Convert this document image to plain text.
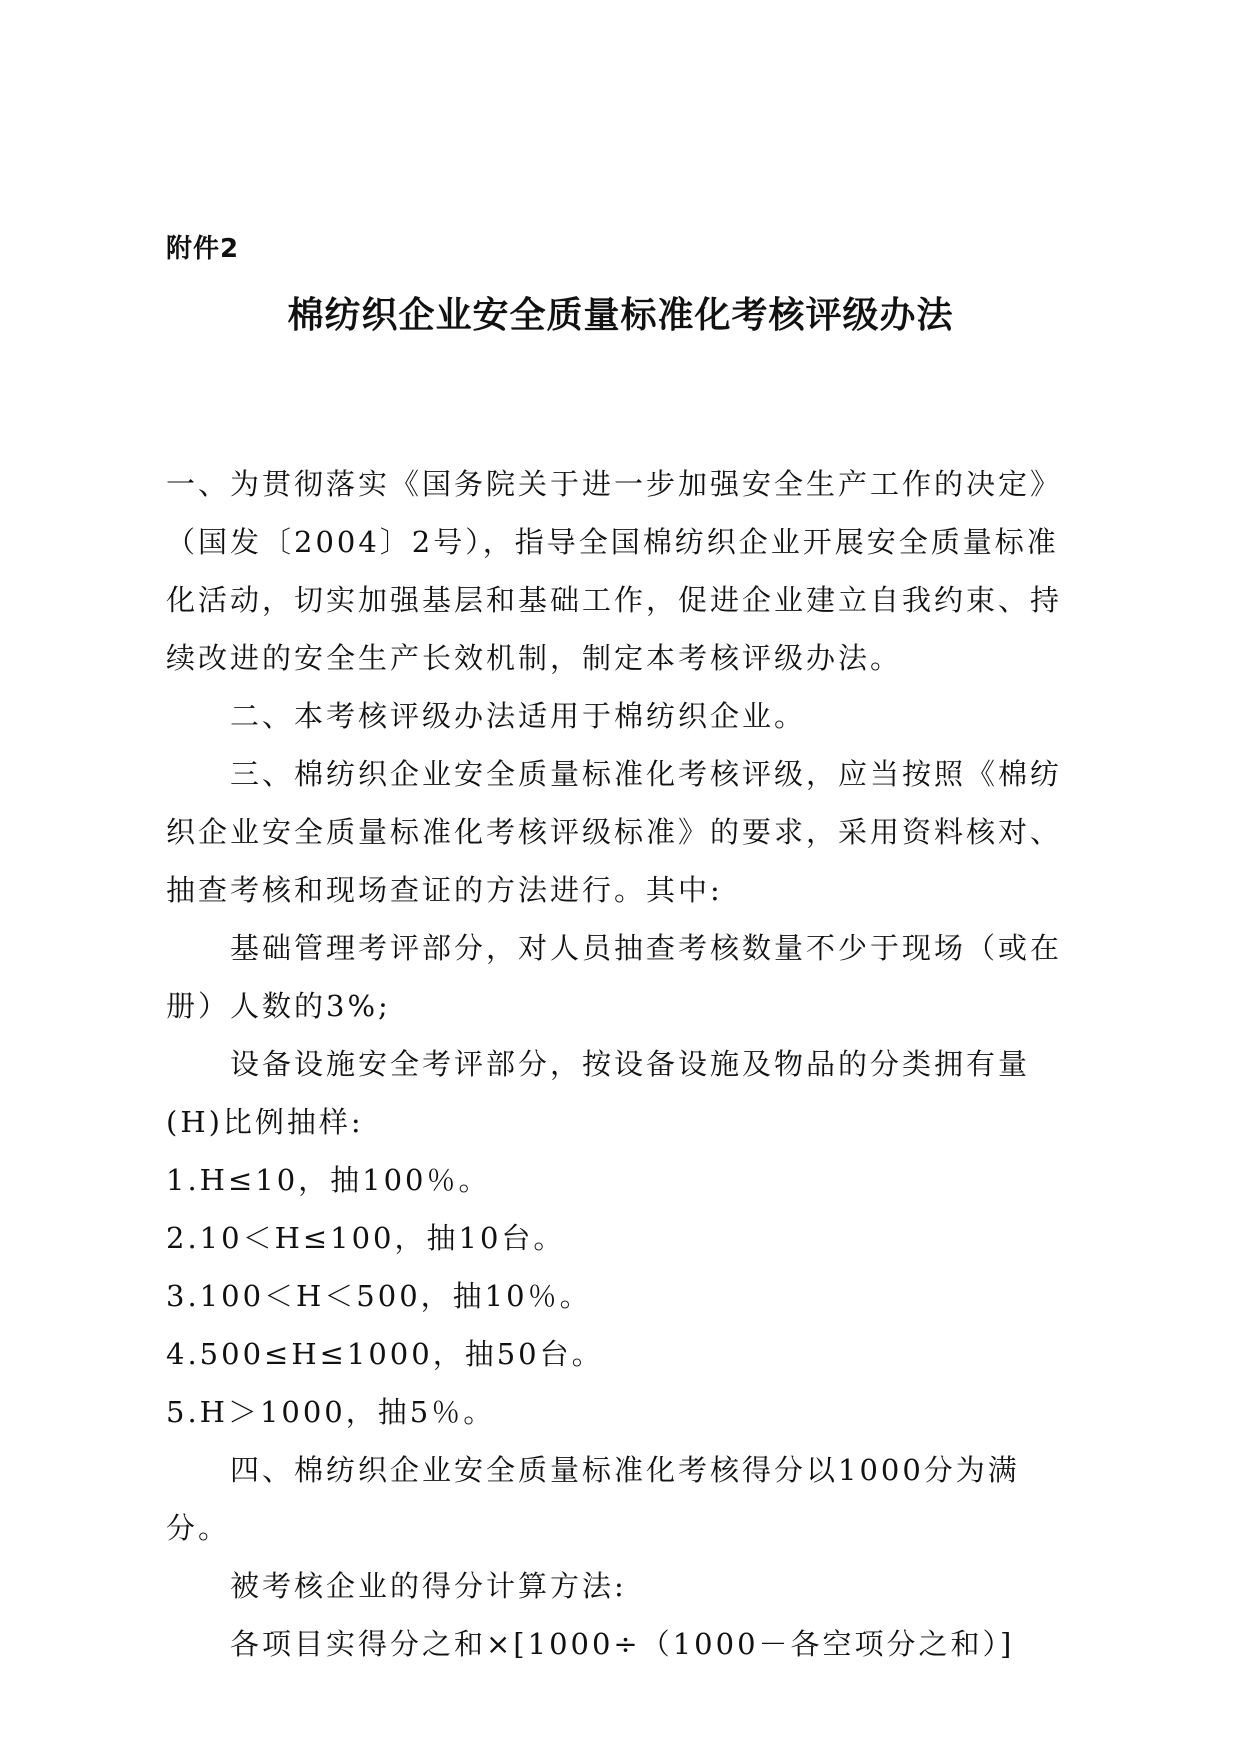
附件2
棉纺织企业安全质量标准化考核评级办法

一、为贯彻落实《国务院关于进一步加强安全生产工作的决定》（国发〔2004〕2号），指导全国棉纺织企业开展安全质量标准化活动，切实加强基层和基础工作，促进企业建立自我约束、持续改进的安全生产长效机制，制定本考核评级办法。

二、本考核评级办法适用于棉纺织企业。

三、棉纺织企业安全质量标准化考核评级，应当按照《棉纺织企业安全质量标准化考核评级标准》的要求，采用资料核对、抽查考核和现场查证的方法进行。其中:

基础管理考评部分，对人员抽查考核数量不少于现场（或在册）人数的3%;

设备设施安全考评部分，按设备设施及物品的分类拥有量(H)比例抽样:

1.H≤10，抽100％。

2.10＜H≤100，抽10台。

3.100＜H＜500，抽10％。

4.500≤H≤1000，抽50台。

5.H＞1000，抽5％。

四、棉纺织企业安全质量标准化考核得分以1000分为满分。

被考核企业的得分计算方法:

各项目实得分之和×[1000÷（1000－各空项分之和）]
